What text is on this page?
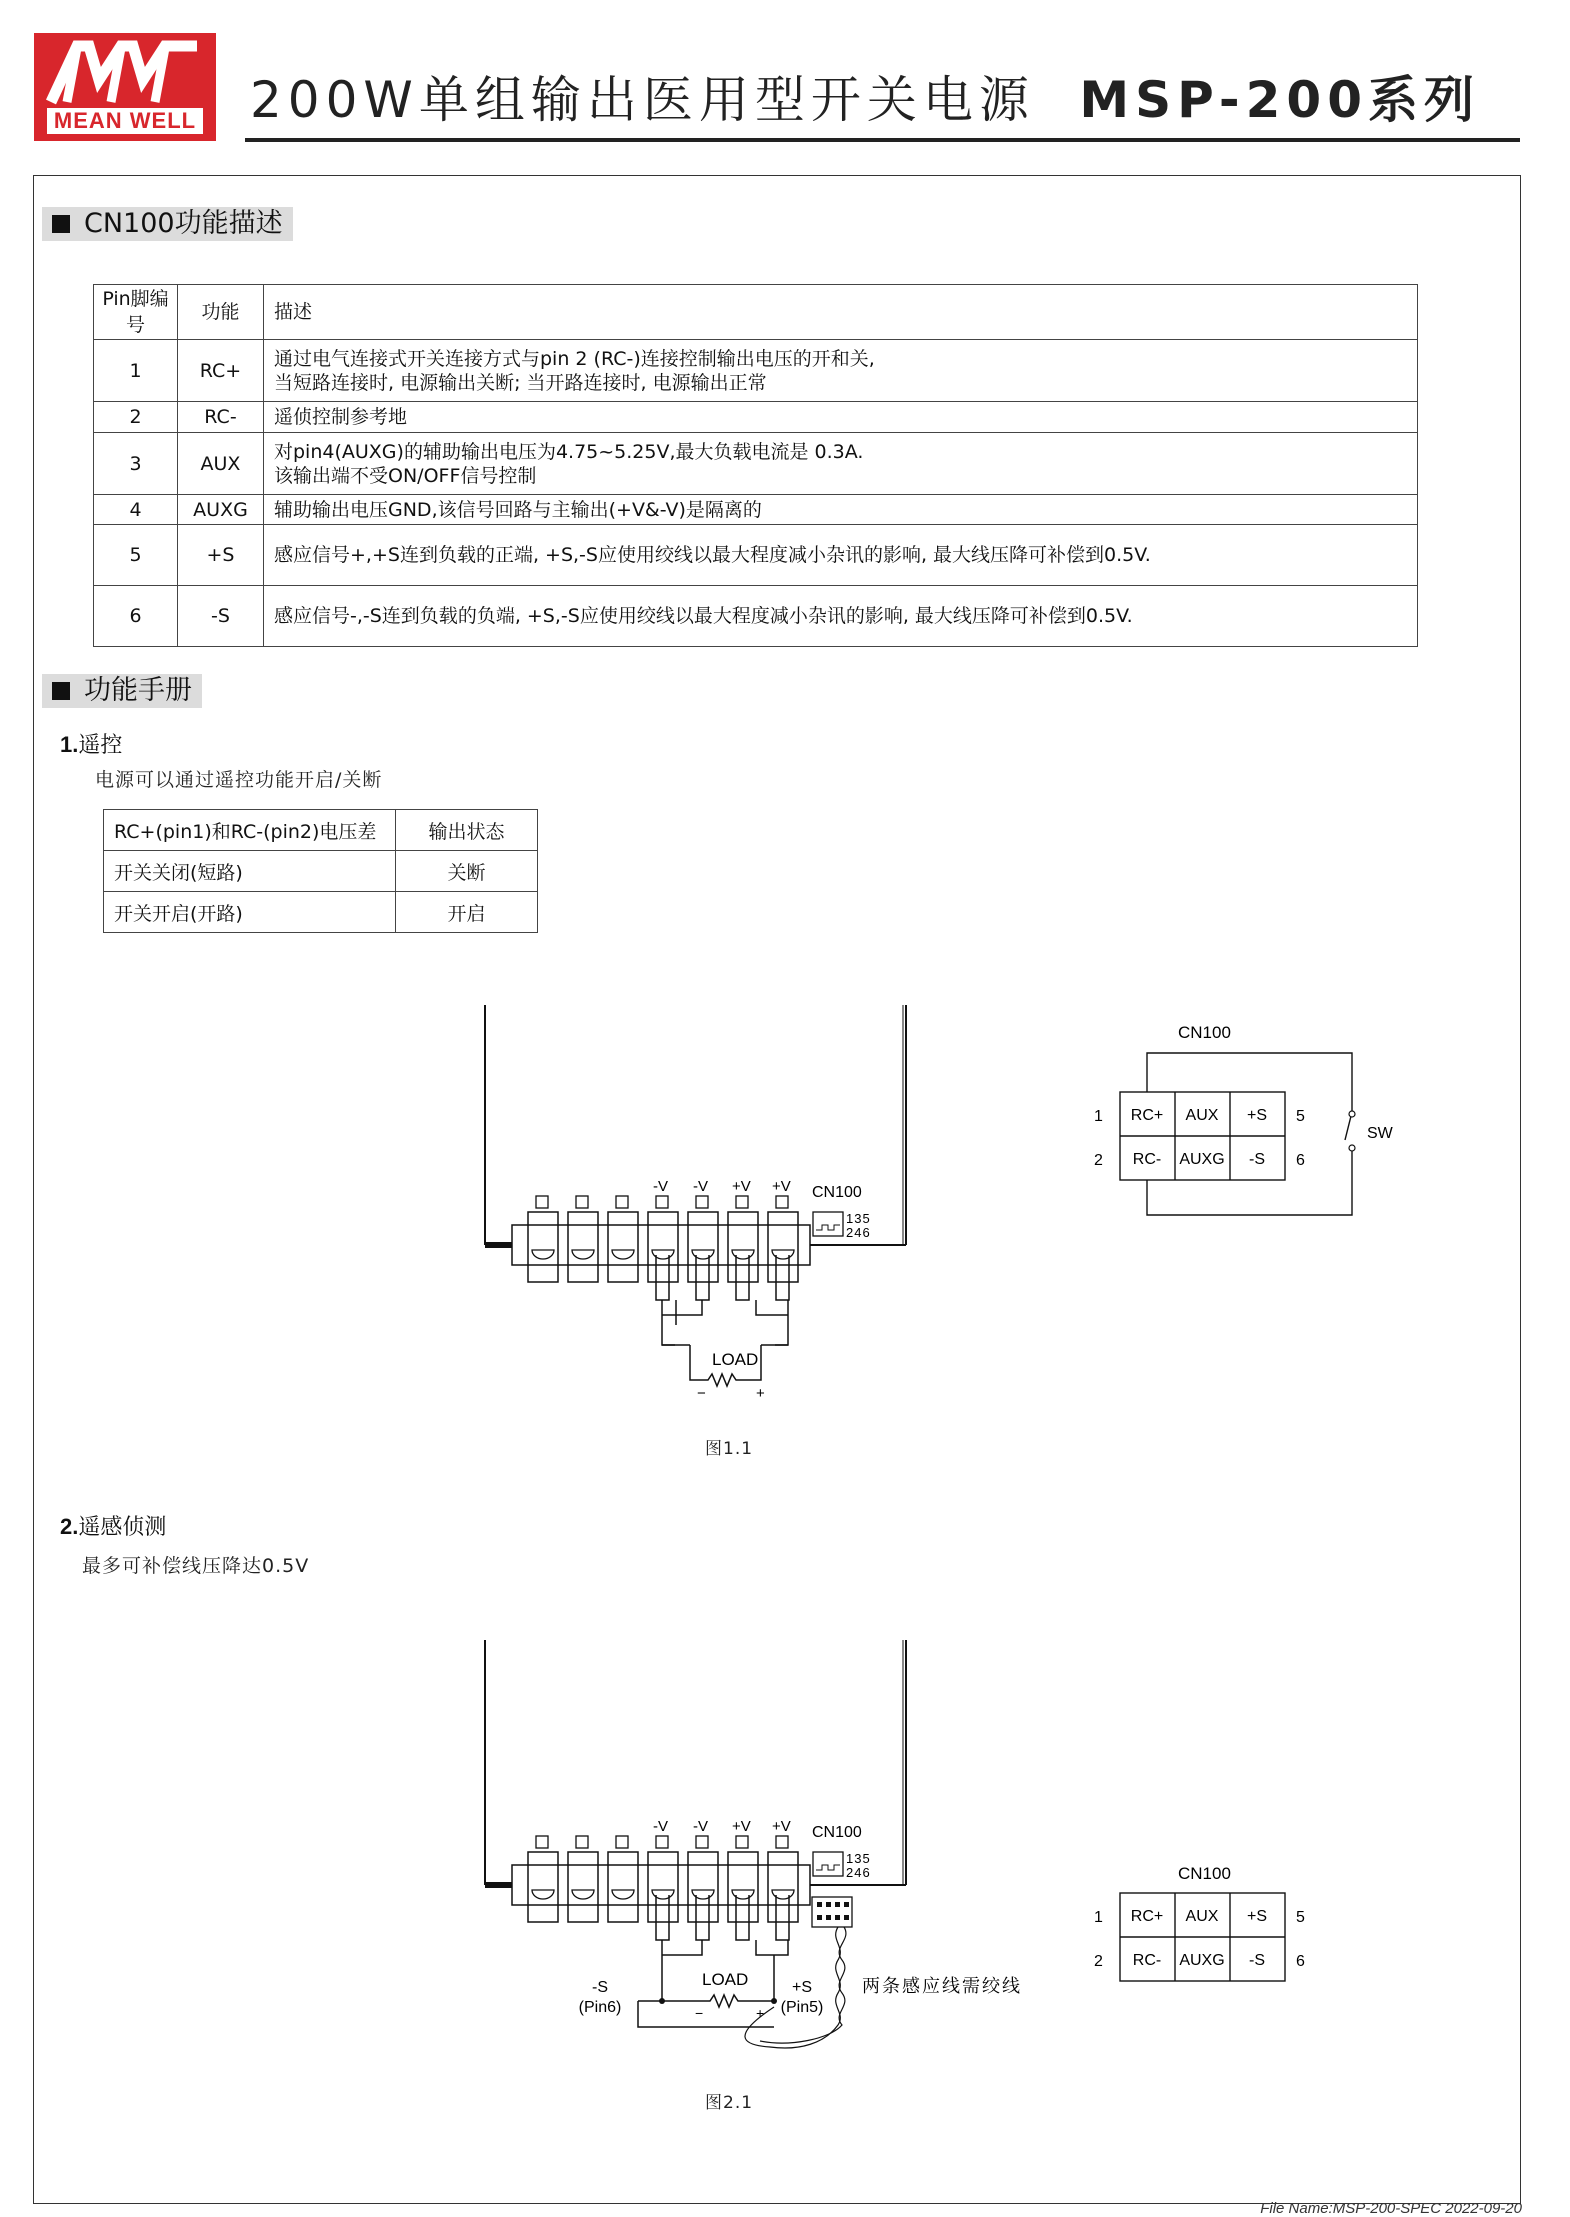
MEAN WELL 200W单组输出医用型开关电源 MSP-200系列
CN100功能描述
Pin脚编号	功能	描述
1	RC+	通过电气连接式开关连接方式与pin 2 (RC-)连接控制输出电压的开和关,
当短路连接时, 电源输出关断; 当开路连接时, 电源输出正常

2	RC-	遥侦控制参考地

3	AUX	对pin4(AUXG)的辅助输出电压为4.75~5.25V,最大负载电流是 0.3A.
该输出端不受ON/OFF信号控制

4	AUXG	辅助输出电压GND,该信号回路与主输出(+V&-V)是隔离的

5	+S	感应信号+,+S连到负载的正端, +S,-S应使用绞线以最大程度减小杂讯的影响, 最大线压降可补偿到0.5V.

6	-S	感应信号-,-S连到负载的负端, +S,-S应使用绞线以最大程度减小杂讯的影响, 最大线压降可补偿到0.5V.
功能手册
1.遥控
电源可以通过遥控功能开启/关断
RC+(pin1)和RC-(pin2)电压差	输出状态
开关关闭(短路)	关断
开关开启(开路)	开启
-V -V +V +V CN100
135
246
LOAD
−	+
CN100
SW
1
2
5
6
RC+ AUX +S
RC- AUXG -S
图1.1
2.遥感侦测
最多可补偿线压降达0.5V
-V -V +V +V CN100
135
246
LOAD
−	+
-S
(Pin6)
+S
(Pin5)
两条感应线需绞线
CN100
1
2
5
6
RC+ AUX +S
RC- AUXG -S
图2.1
File Name:MSP-200-SPEC 2022-09-20
